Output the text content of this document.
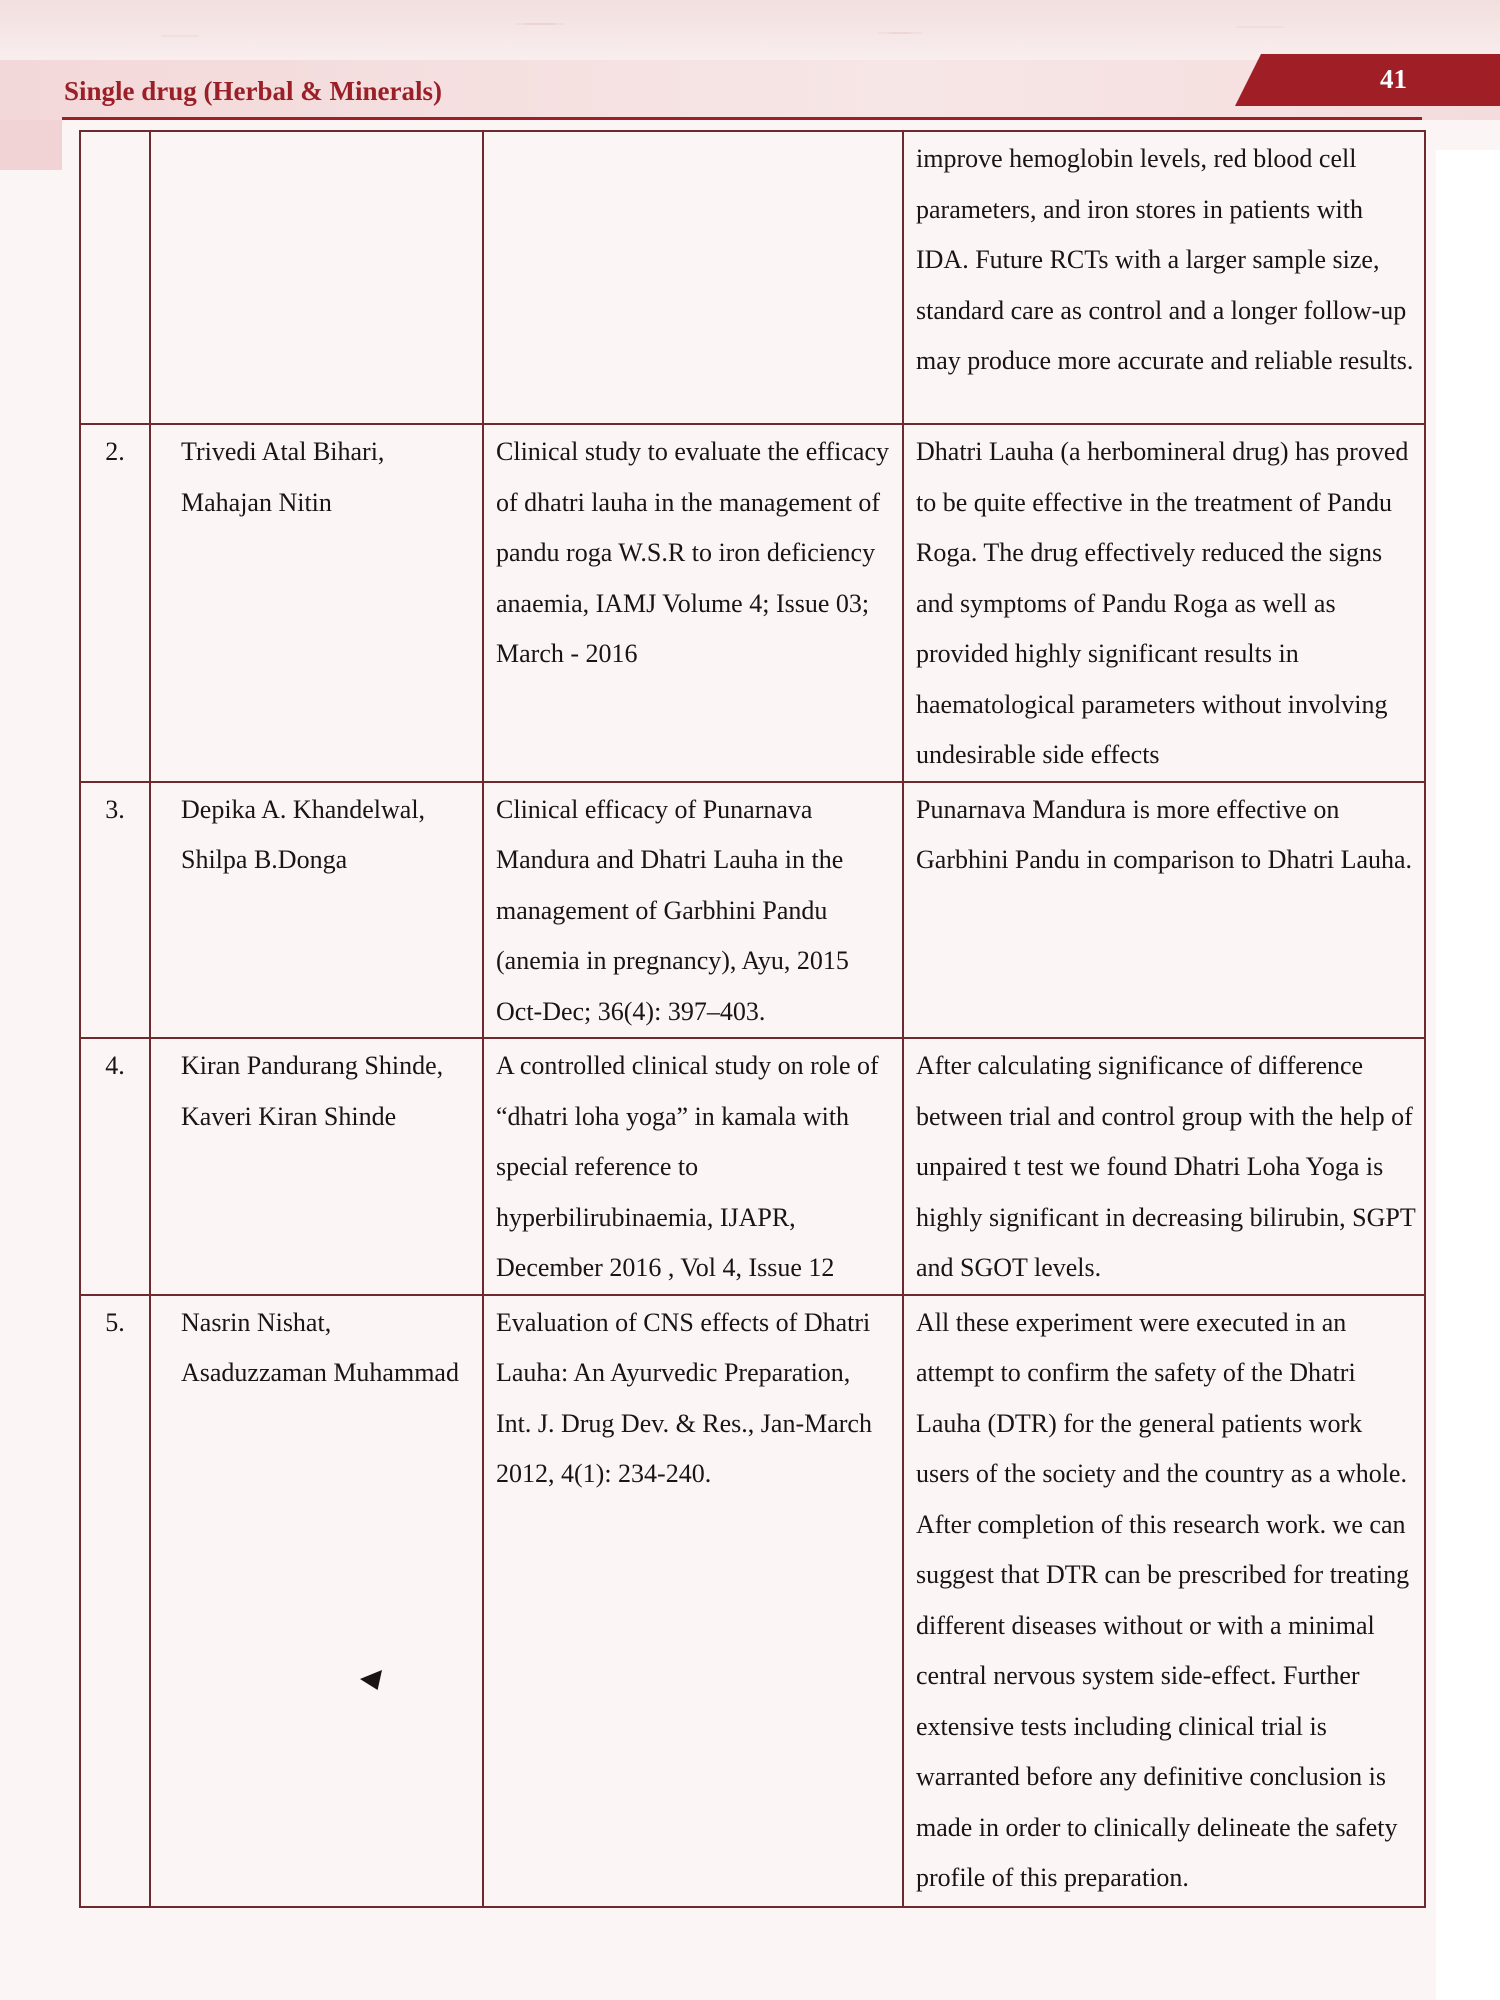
Single drug (Herbal & Minerals)	41
			improve hemoglobin levels, red blood cell parameters, and iron stores in patients with IDA. Future RCTs with a larger sample size, standard care as control and a longer follow-up may produce more accurate and reliable results.
2.	Trivedi Atal Bihari, Mahajan Nitin	Clinical study to evaluate the efficacy of dhatri lauha in the management of pandu roga W.S.R to iron deficiency anaemia, IAMJ Volume 4; Issue 03; March - 2016	Dhatri Lauha (a herbomineral drug) has proved to be quite effective in the treatment of Pandu Roga. The drug effectively reduced the signs and symptoms of Pandu Roga as well as provided highly significant results in haematological parameters without involving undesirable side effects
3.	Depika A. Khandelwal, Shilpa B.Donga	Clinical efficacy of Punarnava Mandura and Dhatri Lauha in the management of Garbhini Pandu (anemia in pregnancy), Ayu, 2015 Oct-Dec; 36(4): 397–403.	Punarnava Mandura is more effective on Garbhini Pandu in comparison to Dhatri Lauha.
4.	Kiran Pandurang Shinde, Kaveri Kiran Shinde	A controlled clinical study on role of “dhatri loha yoga” in kamala with special reference to hyperbilirubinaemia, IJAPR, December 2016 , Vol 4, Issue 12	After calculating significance of difference between trial and control group with the help of unpaired t test we found Dhatri Loha Yoga is highly significant in decreasing bilirubin, SGPT and SGOT levels.
5.	Nasrin Nishat, Asaduzzaman Muhammad	Evaluation of CNS effects of Dhatri Lauha: An Ayurvedic Preparation, Int. J. Drug Dev. & Res., Jan-March 2012, 4(1): 234-240.	All these experiment were executed in an attempt to confirm the safety of the Dhatri Lauha (DTR) for the general patients work users of the society and the country as a whole. After completion of this research work. we can suggest that DTR can be prescribed for treating different diseases without or with a minimal central nervous system side-effect. Further extensive tests including clinical trial is warranted before any definitive conclusion is made in order to clinically delineate the safety profile of this preparation.
